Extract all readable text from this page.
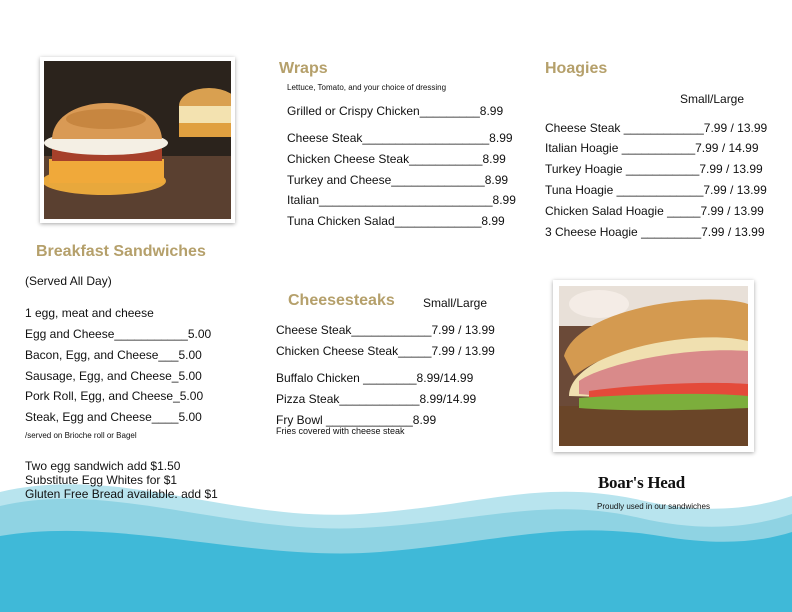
Breakfast Sandwiches
(Served All Day)
1 egg, meat and cheese
Egg and Cheese___________5.00
Bacon, Egg, and Cheese___5.00
Sausage, Egg, and Cheese_5.00
Pork Roll, Egg, and Cheese_5.00
Steak, Egg and Cheese____5.00
/served on Brioche roll or Bagel
Two egg sandwich add $1.50
Substitute Egg Whites for $1
Gluten Free Bread available. add $1
Wraps
Lettuce, Tomato, and your choice of dressing
Grilled or Crispy Chicken_________8.99
Cheese Steak___________________8.99
Chicken Cheese Steak___________8.99
Turkey and Cheese______________8.99
Italian__________________________8.99
Tuna Chicken Salad_____________8.99
Cheesesteaks Small/Large
Cheese Steak____________7.99 / 13.99
Chicken Cheese Steak_____7.99 / 13.99
Buffalo Chicken ________8.99/14.99
Pizza Steak____________8.99/14.99
Fry Bowl _____________8.99
Fries covered with cheese steak
Hoagies
Small/Large
Cheese Steak ____________7.99 / 13.99
Italian Hoagie ___________7.99 / 14.99
Turkey Hoagie ___________7.99 / 13.99
Tuna Hoagie _____________7.99 / 13.99
Chicken Salad Hoagie _____7.99 / 13.99
3 Cheese Hoagie _________7.99 / 13.99
Boar's Head
Proudly used in our sandwiches
